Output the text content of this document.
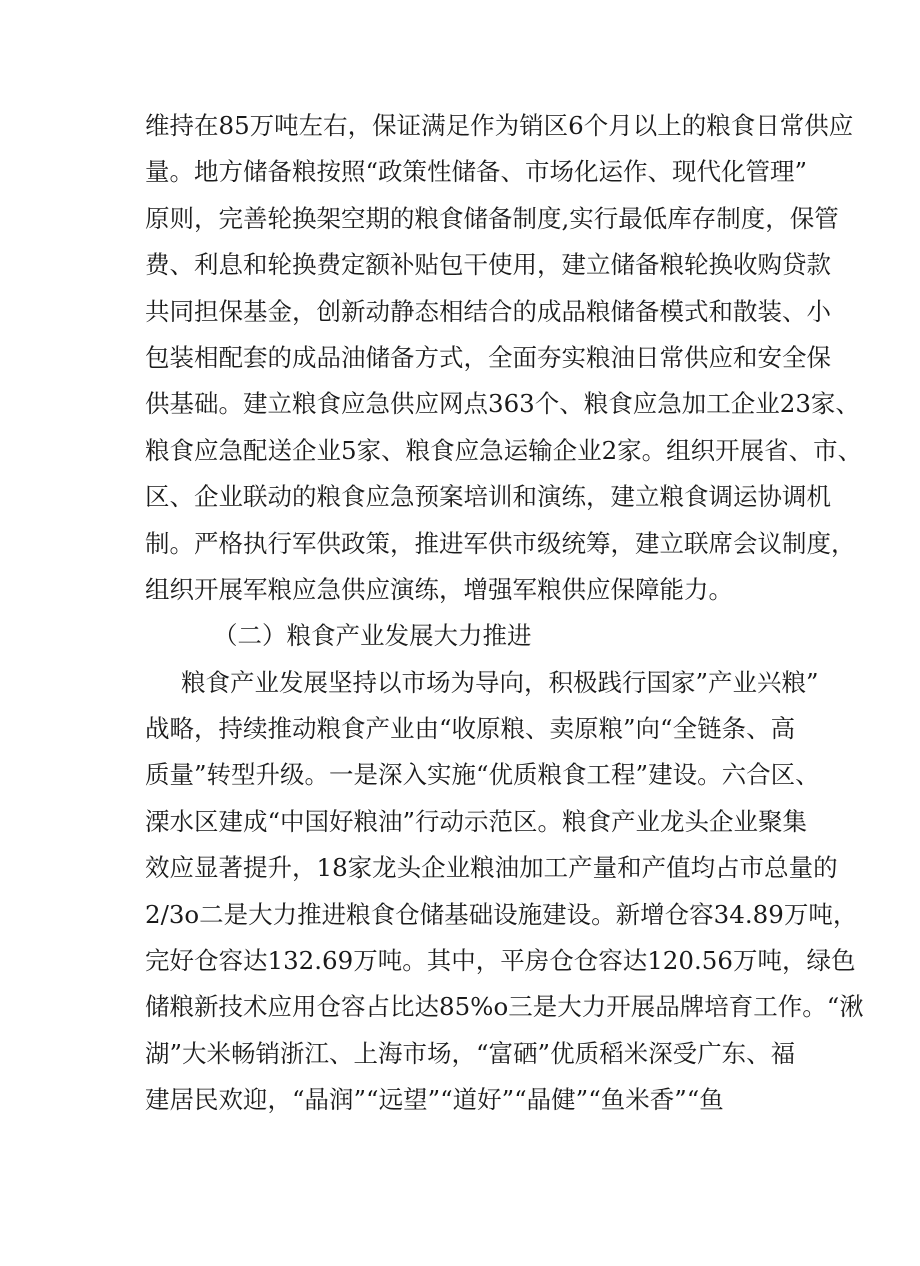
维持在85万吨左右，保证满足作为销区6个月以上的粮食日常供应
量。地方储备粮按照“政策性储备、市场化运作、现代化管理”
原则，完善轮换架空期的粮食储备制度,实行最低库存制度，保管
费、利息和轮换费定额补贴包干使用，建立储备粮轮换收购贷款
共同担保基金，创新动静态相结合的成品粮储备模式和散装、小
包装相配套的成品油储备方式，全面夯实粮油日常供应和安全保
供基础。建立粮食应急供应网点363个、粮食应急加工企业23家、
粮食应急配送企业5家、粮食应急运输企业2家。组织开展省、市、
区、企业联动的粮食应急预案培训和演练，建立粮食调运协调机
制。严格执行军供政策，推进军供市级统筹，建立联席会议制度，
组织开展军粮应急供应演练，增强军粮供应保障能力。
（二）粮食产业发展大力推进
粮食产业发展坚持以市场为导向，积极践行国家”产业兴粮”
战略，持续推动粮食产业由“收原粮、卖原粮”向“全链条、高
质量”转型升级。一是深入实施“优质粮食工程”建设。六合区、
溧水区建成“中国好粮油”行动示范区。粮食产业龙头企业聚集
效应显著提升，18家龙头企业粮油加工产量和产值均占市总量的
2/3o二是大力推进粮食仓储基础设施建设。新增仓容34.89万吨，
完好仓容达132.69万吨。其中，平房仓仓容达120.56万吨，绿色
储粮新技术应用仓容占比达85%o三是大力开展品牌培育工作。“湫
湖”大米畅销浙江、上海市场，“富硒”优质稻米深受广东、福
建居民欢迎，“晶润”“远望”“道好”“晶健”“鱼米香”“鱼
